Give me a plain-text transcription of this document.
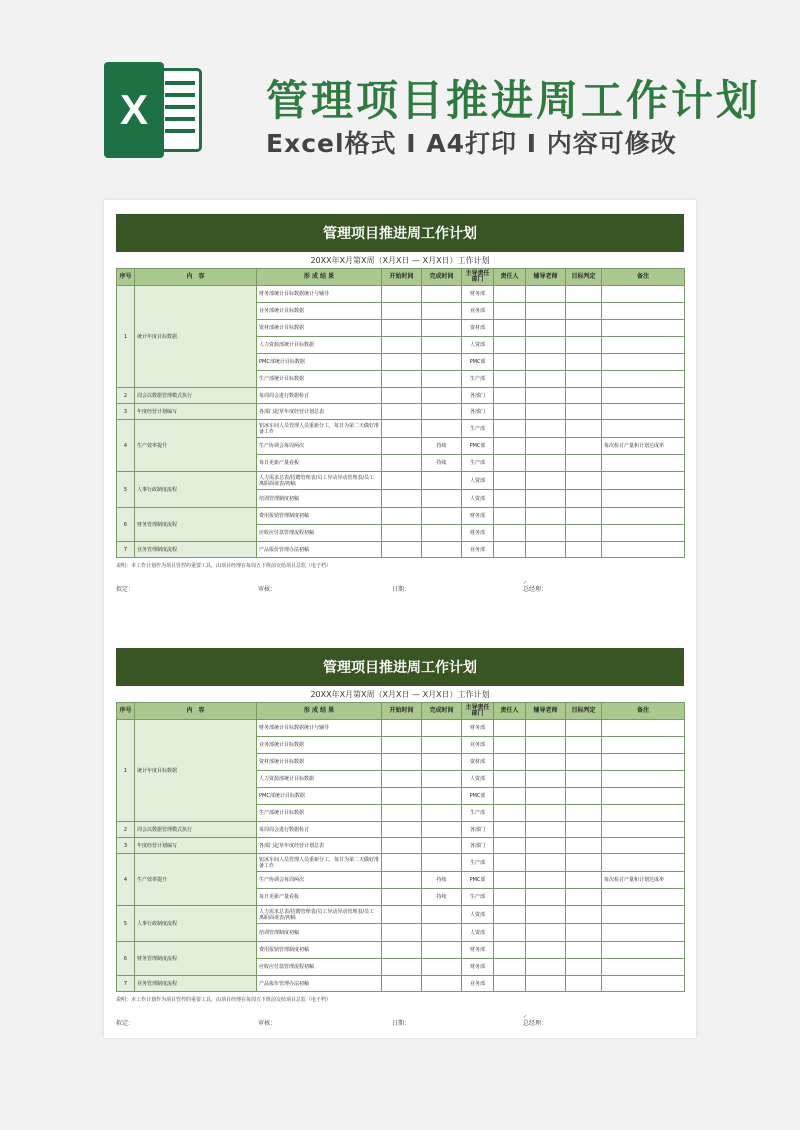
X	管理项目推进周工作计划
Excel格式 I A4打印 I 内容可修改
管理项目推进周工作计划
20XX年X月第X周（X月X日 — X月X日）工作计划
序号	内　容	形 成 结 果	开始时间	完成时间	主导责任部门	责任人	辅导老师	目标判定	备注
1	统计年度目标数据	财务部统计目标数据统计与辅导			财务部				
		业务部统计目标数据			业务部				
		资材部统计目标数据			资材部				
		人力资源部统计目标数据			人资部				
		PMC部统计目标数据			PMC部				
		生产部统计目标数据			生产部				
2	周会以数据管理模式执行	每周周会进行数据检讨			各部门				
3	年度经营计划编写	各部门起草年度经营计划总表			各部门				
4	生产效率提升	铝冰车间人员管理人员重新分工，每日为第二天做好准备工作			生产部				
		生产协调会每周两次		持续	PMC部				每次检讨产量和计划达成率
		每日更新产量看板		持续	生产部				
5	人事行政制度流程	人力需求总表/招聘管理表/员工异动异动管理表/员工离职面谈表/初稿			人资部				
		培训管理制度初稿			人资部				
6	财务管理制度流程	费用报销管理制度初稿			财务部				
		应收应付款管理流程初稿			财务部				
7	业务管理制度流程	产品报价管理办法初稿			业务部				
说明：本工作计划作为项目管控的重要工具，由项目经理在每周五下班前交给项目总监（电子档）
拟定：	审核：	日期：	总经理：
✓
管理项目推进周工作计划
20XX年X月第X周（X月X日 — X月X日）工作计划
序号	内　容	形 成 结 果	开始时间	完成时间	主导责任部门	责任人	辅导老师	目标判定	备注
1	统计年度目标数据	财务部统计目标数据统计与辅导			财务部				
		业务部统计目标数据			业务部				
		资材部统计目标数据			资材部				
		人力资源部统计目标数据			人资部				
		PMC部统计目标数据			PMC部				
		生产部统计目标数据			生产部				
2	周会以数据管理模式执行	每周周会进行数据检讨			各部门				
3	年度经营计划编写	各部门起草年度经营计划总表			各部门				
4	生产效率提升	铝冰车间人员管理人员重新分工，每日为第二天做好准备工作			生产部				
		生产协调会每周两次		持续	PMC部				每次检讨产量和计划达成率
		每日更新产量看板		持续	生产部				
5	人事行政制度流程	人力需求总表/招聘管理表/员工异动异动管理表/员工离职面谈表/初稿			人资部				
		培训管理制度初稿			人资部				
6	财务管理制度流程	费用报销管理制度初稿			财务部				
		应收应付款管理流程初稿			财务部				
7	业务管理制度流程	产品报价管理办法初稿			业务部				
说明：本工作计划作为项目管控的重要工具，由项目经理在每周五下班前交给项目总监（电子档）
拟定：	审核：	日期：	总经理：
✓
